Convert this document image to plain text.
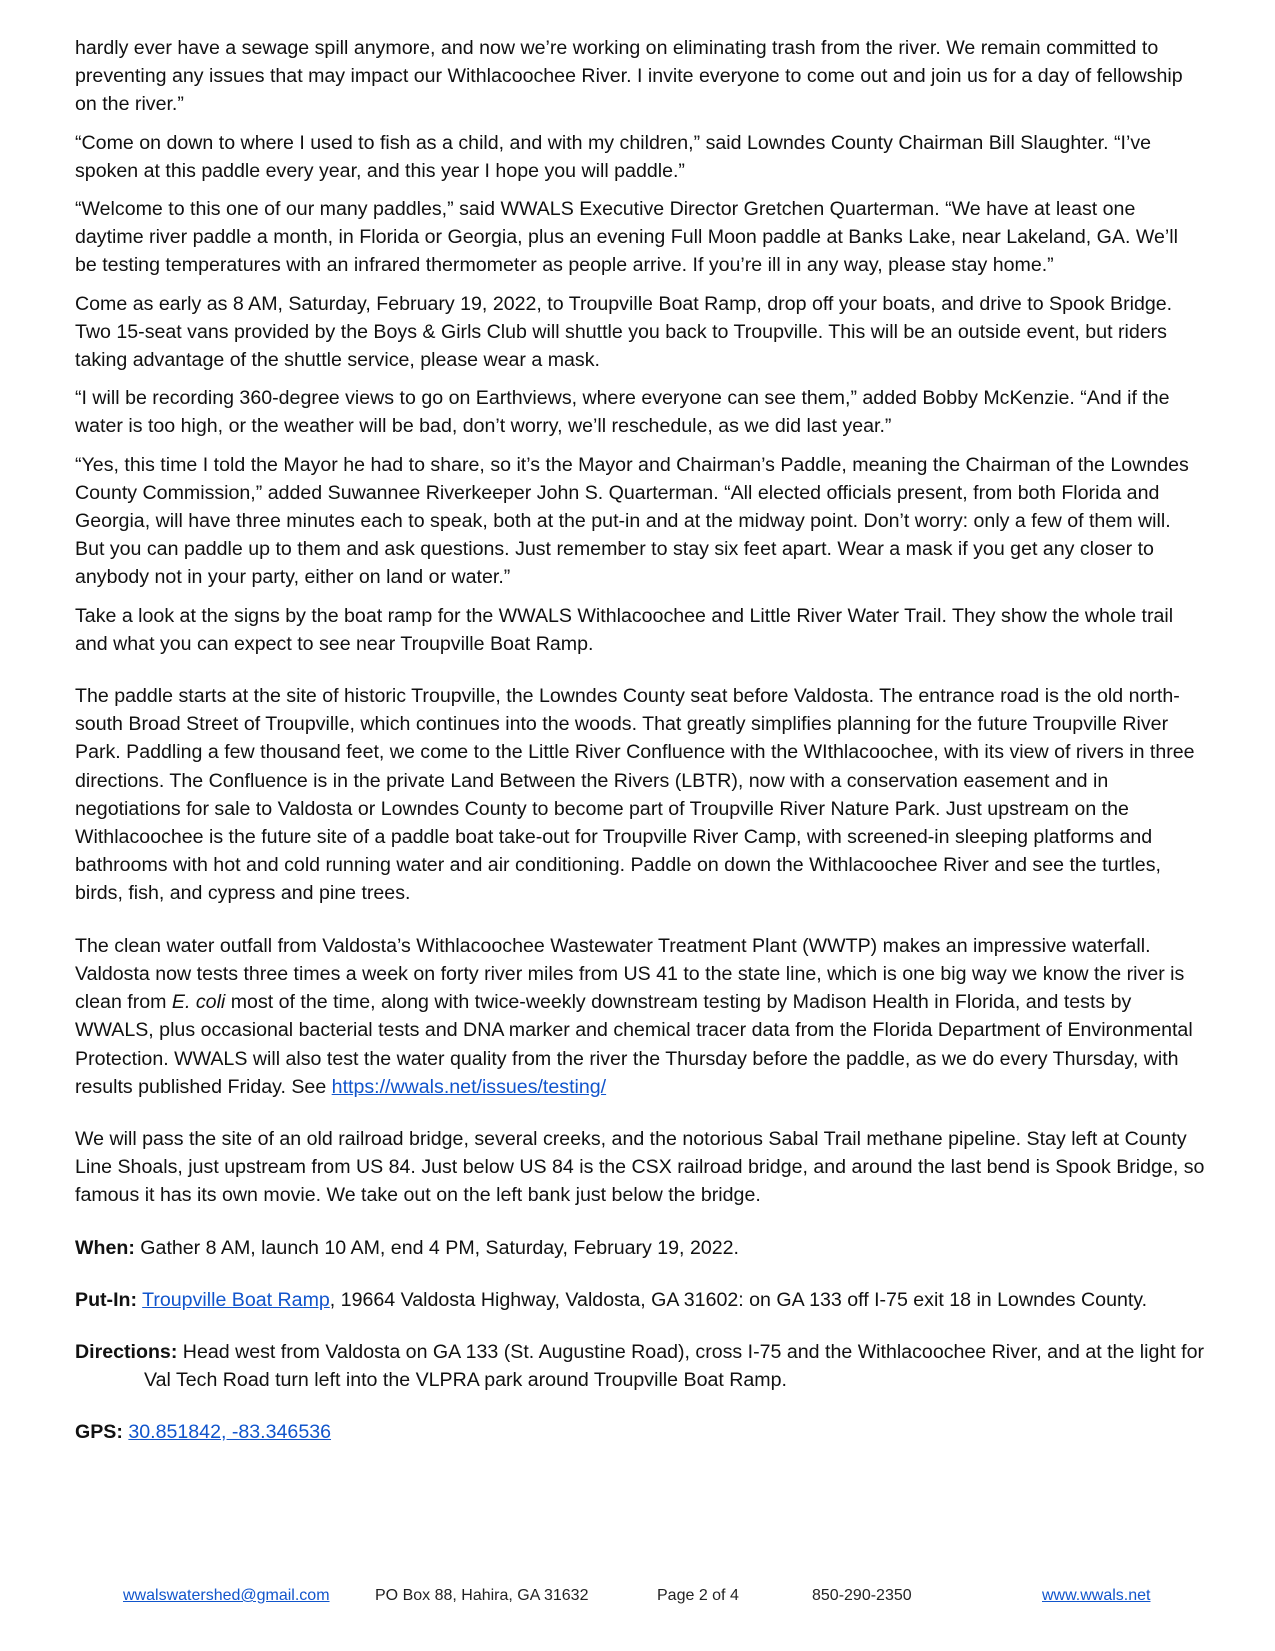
hardly ever have a sewage spill anymore, and now we’re working on eliminating trash from the river. We remain committed to preventing any issues that may impact our Withlacoochee River. I invite everyone to come out and join us for a day of fellowship on the river.”

“Come on down to where I used to fish as a child, and with my children,” said Lowndes County Chairman Bill Slaughter. “I’ve spoken at this paddle every year, and this year I hope you will paddle.”

“Welcome to this one of our many paddles,” said WWALS Executive Director Gretchen Quarterman. “We have at least one daytime river paddle a month, in Florida or Georgia, plus an evening Full Moon paddle at Banks Lake, near Lakeland, GA. We’ll be testing temperatures with an infrared thermometer as people arrive. If you’re ill in any way, please stay home.”

Come as early as 8 AM, Saturday, February 19, 2022, to Troupville Boat Ramp, drop off your boats, and drive to Spook Bridge. Two 15-seat vans provided by the Boys & Girls Club will shuttle you back to Troupville. This will be an outside event, but riders taking advantage of the shuttle service, please wear a mask.

“I will be recording 360-degree views to go on Earthviews, where everyone can see them,” added Bobby McKenzie. “And if the water is too high, or the weather will be bad, don’t worry, we’ll reschedule, as we did last year.”

“Yes, this time I told the Mayor he had to share, so it’s the Mayor and Chairman’s Paddle, meaning the Chairman of the Lowndes County Commission,” added Suwannee Riverkeeper John S. Quarterman. “All elected officials present, from both Florida and Georgia, will have three minutes each to speak, both at the put-in and at the midway point. Don’t worry: only a few of them will. But you can paddle up to them and ask questions. Just remember to stay six feet apart. Wear a mask if you get any closer to anybody not in your party, either on land or water.”

Take a look at the signs by the boat ramp for the WWALS Withlacoochee and Little River Water Trail. They show the whole trail and what you can expect to see near Troupville Boat Ramp.

The paddle starts at the site of historic Troupville, the Lowndes County seat before Valdosta. The entrance road is the old north-south Broad Street of Troupville, which continues into the woods. That greatly simplifies planning for the future Troupville River Park. Paddling a few thousand feet, we come to the Little River Confluence with the WIthlacoochee, with its view of rivers in three directions. The Confluence is in the private Land Between the Rivers (LBTR), now with a conservation easement and in negotiations for sale to Valdosta or Lowndes County to become part of Troupville River Nature Park. Just upstream on the Withlacoochee is the future site of a paddle boat take-out for Troupville River Camp, with screened-in sleeping platforms and bathrooms with hot and cold running water and air conditioning. Paddle on down the Withlacoochee River and see the turtles, birds, fish, and cypress and pine trees.

The clean water outfall from Valdosta’s Withlacoochee Wastewater Treatment Plant (WWTP) makes an impressive waterfall. Valdosta now tests three times a week on forty river miles from US 41 to the state line, which is one big way we know the river is clean from E. coli most of the time, along with twice-weekly downstream testing by Madison Health in Florida, and tests by WWALS, plus occasional bacterial tests and DNA marker and chemical tracer data from the Florida Department of Environmental Protection. WWALS will also test the water quality from the river the Thursday before the paddle, as we do every Thursday, with results published Friday. See https://wwals.net/issues/testing/

We will pass the site of an old railroad bridge, several creeks, and the notorious Sabal Trail methane pipeline. Stay left at County Line Shoals, just upstream from US 84. Just below US 84 is the CSX railroad bridge, and around the last bend is Spook Bridge, so famous it has its own movie. We take out on the left bank just below the bridge.

When: Gather 8 AM, launch 10 AM, end 4 PM, Saturday, February 19, 2022.

Put-In: Troupville Boat Ramp, 19664 Valdosta Highway, Valdosta, GA 31602: on GA 133 off I-75 exit 18 in Lowndes County.

Directions: Head west from Valdosta on GA 133 (St. Augustine Road), cross I-75 and the Withlacoochee River, and at the light for Val Tech Road turn left into the VLPRA park around Troupville Boat Ramp.

GPS: 30.851842, -83.346536

wwalswatershed@gmail.com	PO Box 88, Hahira, GA 31632	Page 2 of 4	850-290-2350	www.wwals.net
